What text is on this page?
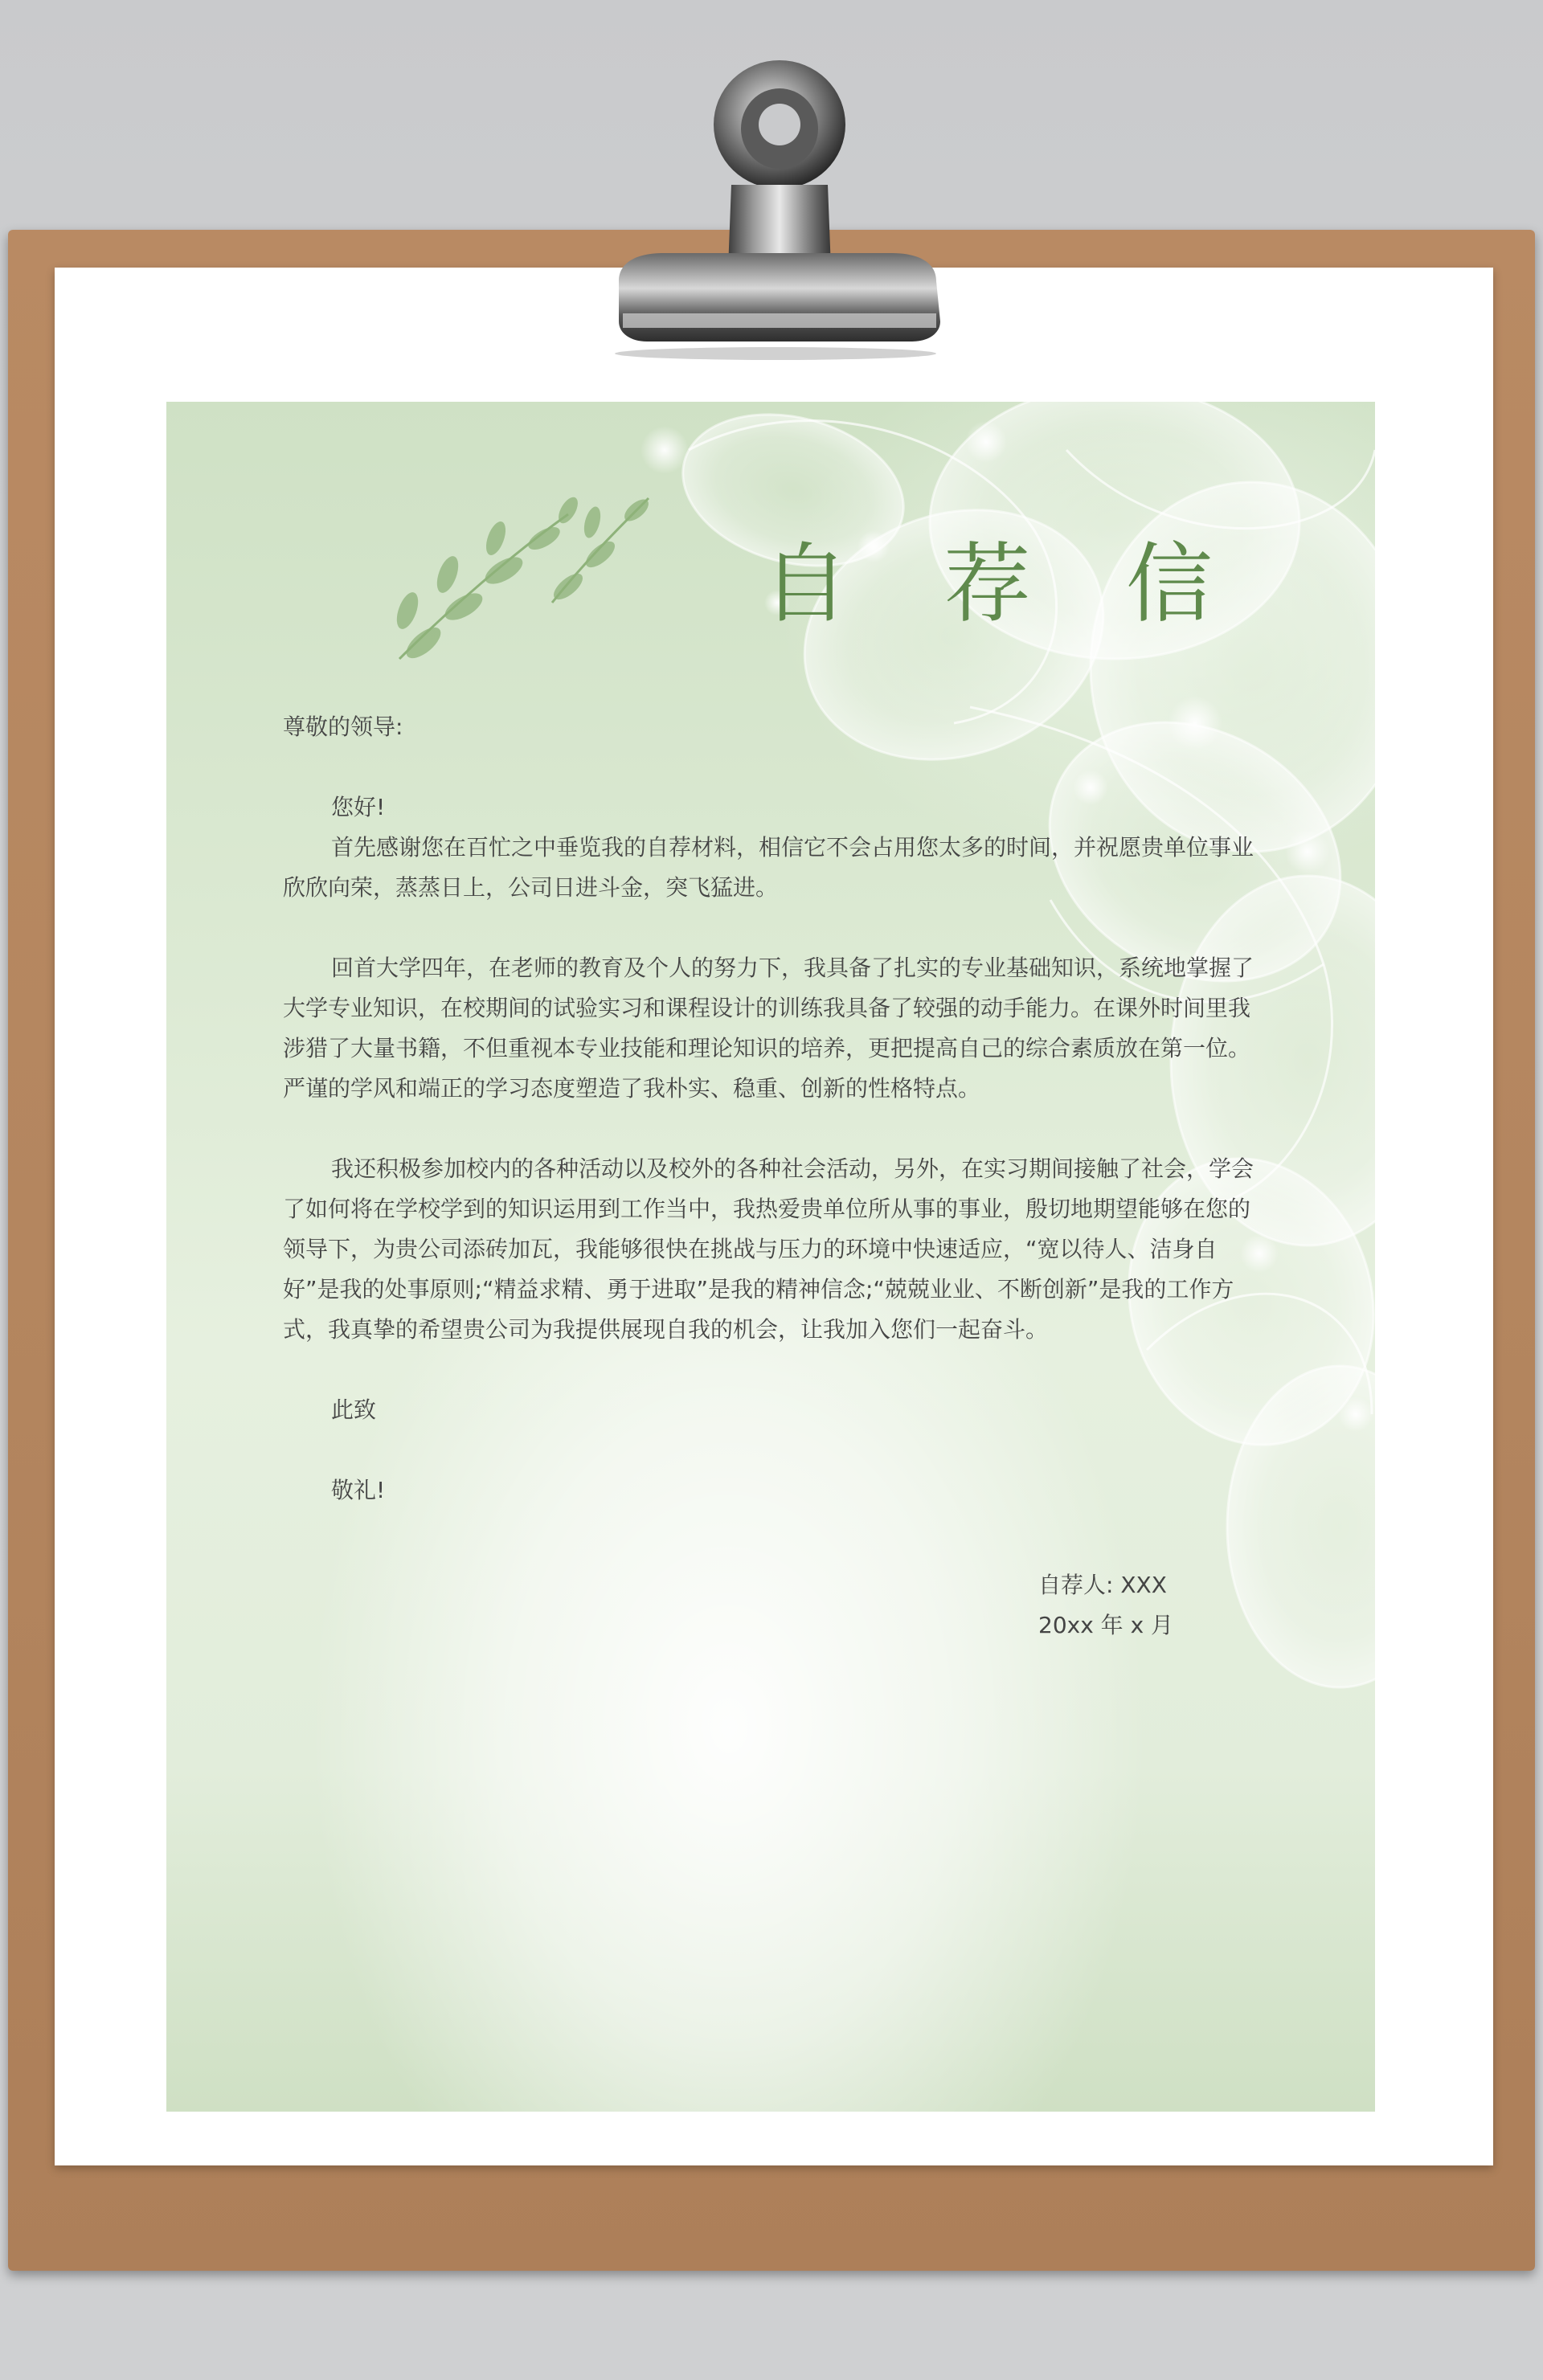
自 荐 信

尊敬的领导:

您好!

首先感谢您在百忙之中垂览我的自荐材料，相信它不会占用您太多的时间，并祝愿贵单位事业欣欣向荣，蒸蒸日上，公司日进斗金，突飞猛进。

回首大学四年，在老师的教育及个人的努力下，我具备了扎实的专业基础知识，系统地掌握了大学专业知识，在校期间的试验实习和课程设计的训练我具备了较强的动手能力。在课外时间里我涉猎了大量书籍，不但重视本专业技能和理论知识的培养，更把提高自己的综合素质放在第一位。严谨的学风和端正的学习态度塑造了我朴实、稳重、创新的性格特点。

我还积极参加校内的各种活动以及校外的各种社会活动，另外，在实习期间接触了社会，学会了如何将在学校学到的知识运用到工作当中，我热爱贵单位所从事的事业，殷切地期望能够在您的领导下，为贵公司添砖加瓦，我能够很快在挑战与压力的环境中快速适应，“宽以待人、洁身自好”是我的处事原则;“精益求精、勇于进取”是我的精神信念;“兢兢业业、不断创新”是我的工作方式，我真挚的希望贵公司为我提供展现自我的机会，让我加入您们一起奋斗。

此致

敬礼!

自荐人: XXX

20xx 年 x 月
